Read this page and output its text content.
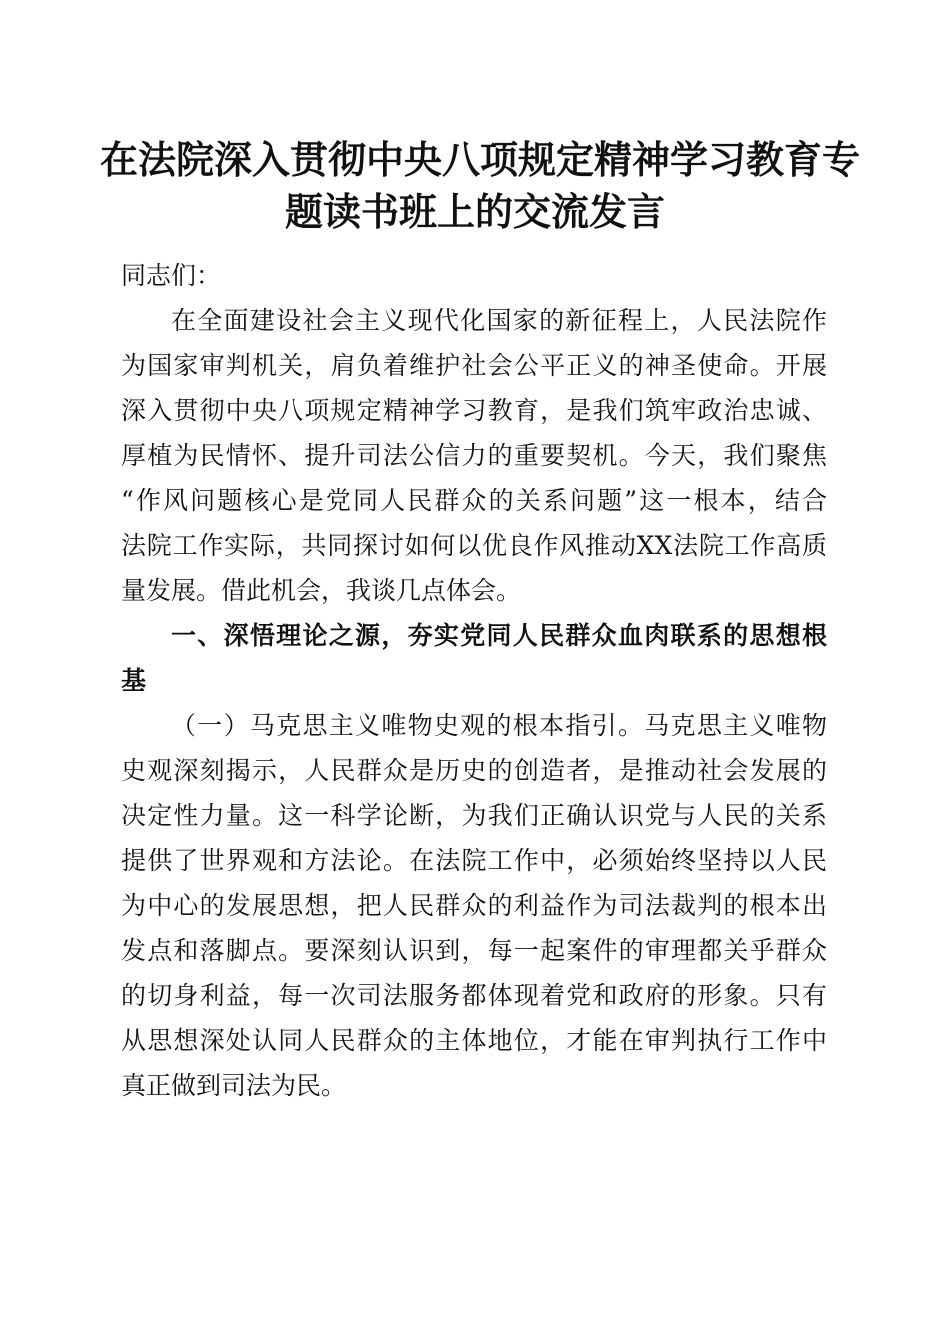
在法院深入贯彻中央八项规定精神学习教育专
题读书班上的交流发言
同志们：
在全面建设社会主义现代化国家的新征程上，人民法院作
为国家审判机关，肩负着维护社会公平正义的神圣使命。开展
深入贯彻中央八项规定精神学习教育，是我们筑牢政治忠诚、
厚植为民情怀、提升司法公信力的重要契机。今天，我们聚焦
“作风问题核心是党同人民群众的关系问题”这一根本，结合
法院工作实际，共同探讨如何以优良作风推动XX法院工作高质
量发展。借此机会，我谈几点体会。
一、深悟理论之源，夯实党同人民群众血肉联系的思想根
基
（一）马克思主义唯物史观的根本指引。马克思主义唯物
史观深刻揭示，人民群众是历史的创造者，是推动社会发展的
决定性力量。这一科学论断，为我们正确认识党与人民的关系
提供了世界观和方法论。在法院工作中，必须始终坚持以人民
为中心的发展思想，把人民群众的利益作为司法裁判的根本出
发点和落脚点。要深刻认识到，每一起案件的审理都关乎群众
的切身利益，每一次司法服务都体现着党和政府的形象。只有
从思想深处认同人民群众的主体地位，才能在审判执行工作中
真正做到司法为民。
